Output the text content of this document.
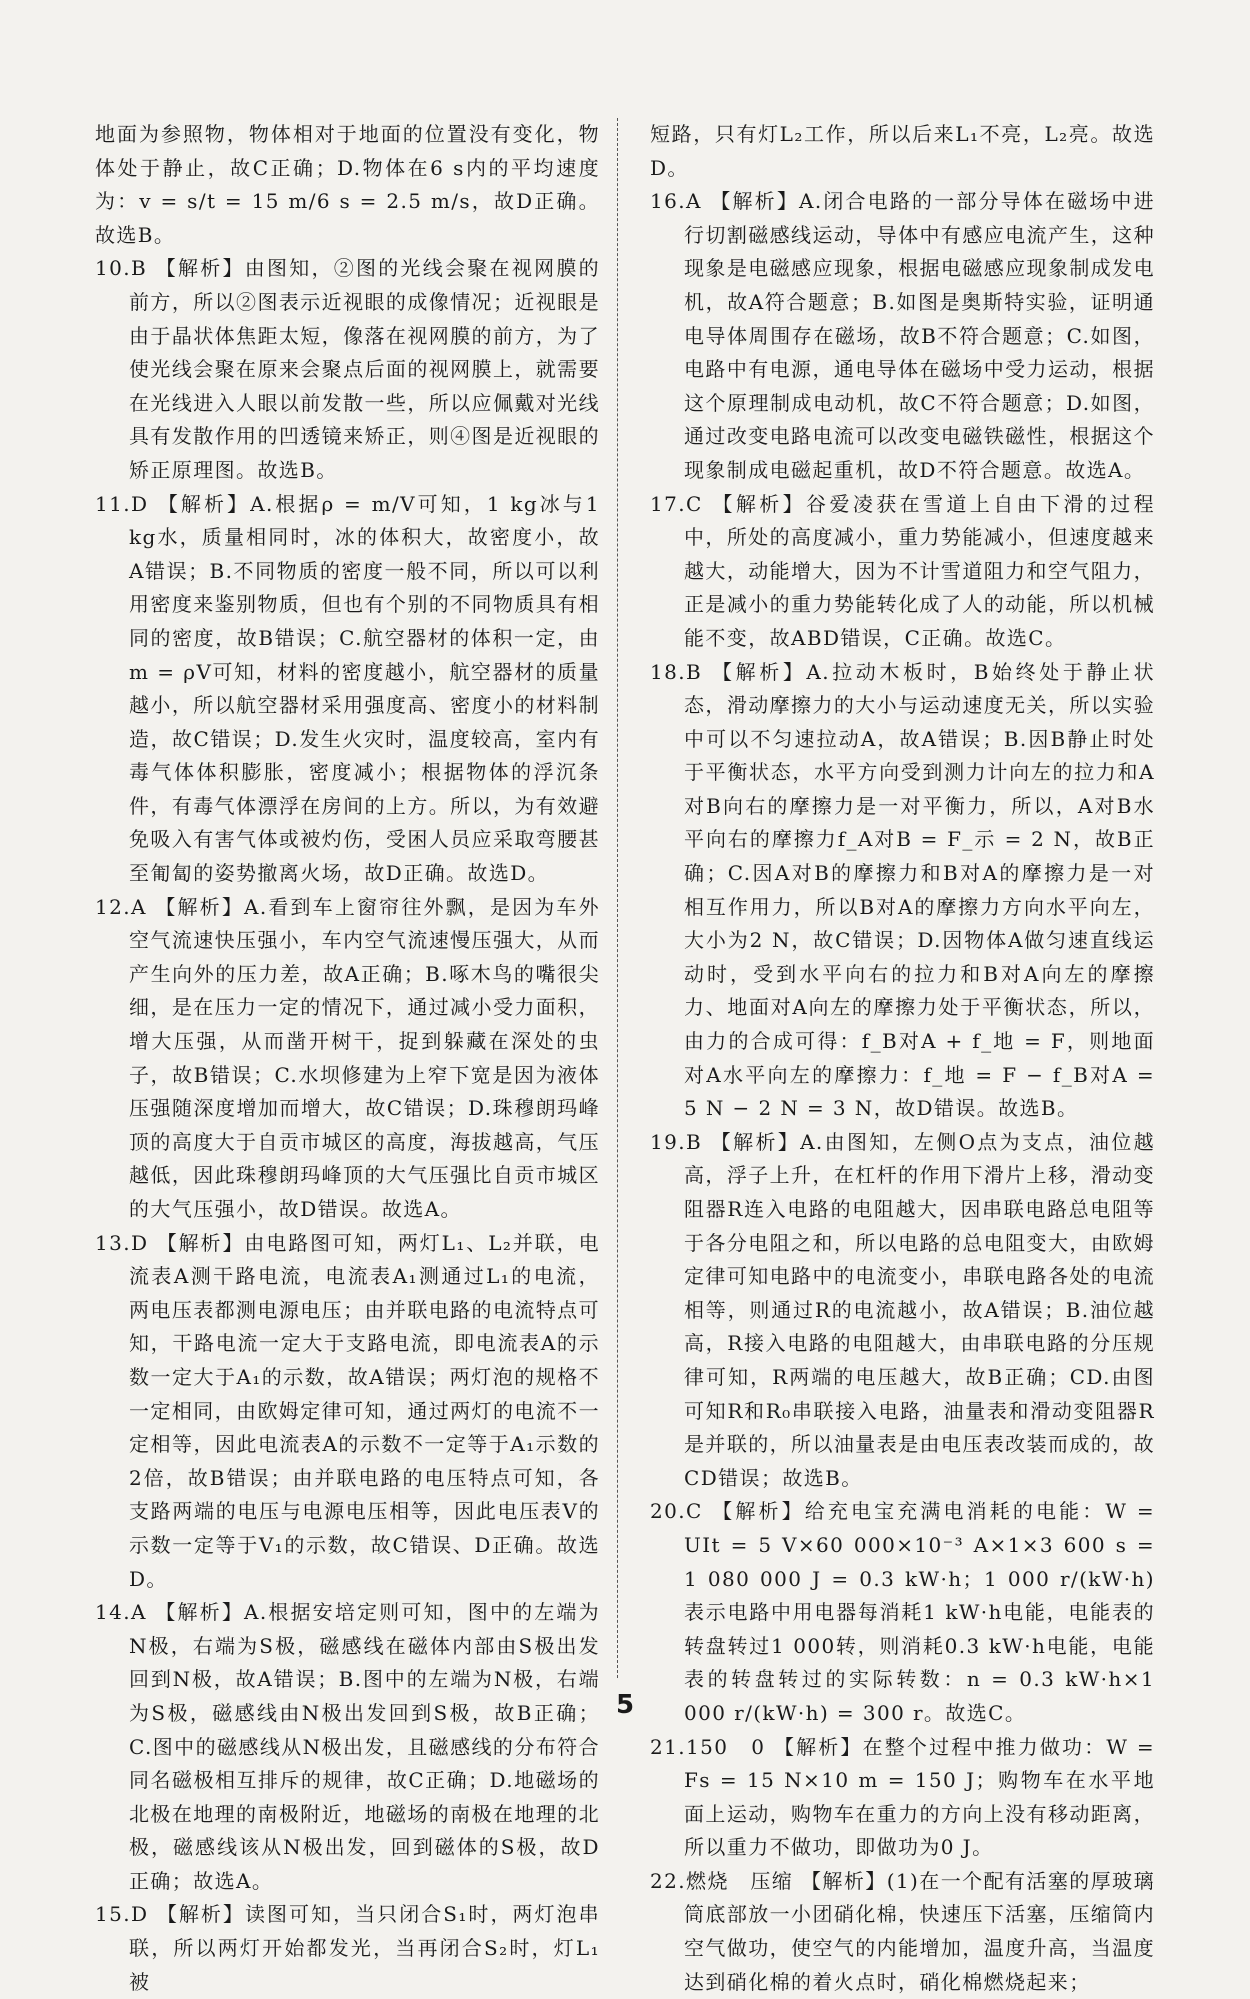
地面为参照物，物体相对于地面的位置没有变化，物体处于静止，故C正确；D.物体在6 s内的平均速度为：v = s/t = 15 m/6 s = 2.5 m/s，故D正确。故选B。

10.B 【解析】由图知，②图的光线会聚在视网膜的前方，所以②图表示近视眼的成像情况；近视眼是由于晶状体焦距太短，像落在视网膜的前方，为了使光线会聚在原来会聚点后面的视网膜上，就需要在光线进入人眼以前发散一些，所以应佩戴对光线具有发散作用的凹透镜来矫正，则④图是近视眼的矫正原理图。故选B。

11.D 【解析】A.根据ρ = m/V可知，1 kg冰与1 kg水，质量相同时，冰的体积大，故密度小，故A错误；B.不同物质的密度一般不同，所以可以利用密度来鉴别物质，但也有个别的不同物质具有相同的密度，故B错误；C.航空器材的体积一定，由m = ρV可知，材料的密度越小，航空器材的质量越小，所以航空器材采用强度高、密度小的材料制造，故C错误；D.发生火灾时，温度较高，室内有毒气体体积膨胀，密度减小；根据物体的浮沉条件，有毒气体漂浮在房间的上方。所以，为有效避免吸入有害气体或被灼伤，受困人员应采取弯腰甚至匍匐的姿势撤离火场，故D正确。故选D。

12.A 【解析】A.看到车上窗帘往外飘，是因为车外空气流速快压强小，车内空气流速慢压强大，从而产生向外的压力差，故A正确；B.啄木鸟的嘴很尖细，是在压力一定的情况下，通过减小受力面积，增大压强，从而凿开树干，捉到躲藏在深处的虫子，故B错误；C.水坝修建为上窄下宽是因为液体压强随深度增加而增大，故C错误；D.珠穆朗玛峰顶的高度大于自贡市城区的高度，海拔越高，气压越低，因此珠穆朗玛峰顶的大气压强比自贡市城区的大气压强小，故D错误。故选A。

13.D 【解析】由电路图可知，两灯L₁、L₂并联，电流表A测干路电流，电流表A₁测通过L₁的电流，两电压表都测电源电压；由并联电路的电流特点可知，干路电流一定大于支路电流，即电流表A的示数一定大于A₁的示数，故A错误；两灯泡的规格不一定相同，由欧姆定律可知，通过两灯的电流不一定相等，因此电流表A的示数不一定等于A₁示数的2倍，故B错误；由并联电路的电压特点可知，各支路两端的电压与电源电压相等，因此电压表V的示数一定等于V₁的示数，故C错误、D正确。故选D。

14.A 【解析】A.根据安培定则可知，图中的左端为N极，右端为S极，磁感线在磁体内部由S极出发回到N极，故A错误；B.图中的左端为N极，右端为S极，磁感线由N极出发回到S极，故B正确；C.图中的磁感线从N极出发，且磁感线的分布符合同名磁极相互排斥的规律，故C正确；D.地磁场的北极在地理的南极附近，地磁场的南极在地理的北极，磁感线该从N极出发，回到磁体的S极，故D正确；故选A。

15.D 【解析】读图可知，当只闭合S₁时，两灯泡串联，所以两灯开始都发光，当再闭合S₂时，灯L₁被

短路，只有灯L₂工作，所以后来L₁不亮，L₂亮。故选D。

16.A 【解析】A.闭合电路的一部分导体在磁场中进行切割磁感线运动，导体中有感应电流产生，这种现象是电磁感应现象，根据电磁感应现象制成发电机，故A符合题意；B.如图是奥斯特实验，证明通电导体周围存在磁场，故B不符合题意；C.如图，电路中有电源，通电导体在磁场中受力运动，根据这个原理制成电动机，故C不符合题意；D.如图，通过改变电路电流可以改变电磁铁磁性，根据这个现象制成电磁起重机，故D不符合题意。故选A。

17.C 【解析】谷爱凌获在雪道上自由下滑的过程中，所处的高度减小，重力势能减小，但速度越来越大，动能增大，因为不计雪道阻力和空气阻力，正是减小的重力势能转化成了人的动能，所以机械能不变，故ABD错误，C正确。故选C。

18.B 【解析】A.拉动木板时，B始终处于静止状态，滑动摩擦力的大小与运动速度无关，所以实验中可以不匀速拉动A，故A错误；B.因B静止时处于平衡状态，水平方向受到测力计向左的拉力和A对B向右的摩擦力是一对平衡力，所以，A对B水平向右的摩擦力f_A对B = F_示 = 2 N，故B正确；C.因A对B的摩擦力和B对A的摩擦力是一对相互作用力，所以B对A的摩擦力方向水平向左，大小为2 N，故C错误；D.因物体A做匀速直线运动时，受到水平向右的拉力和B对A向左的摩擦力、地面对A向左的摩擦力处于平衡状态，所以，由力的合成可得：f_B对A + f_地 = F，则地面对A水平向左的摩擦力：f_地 = F − f_B对A = 5 N − 2 N = 3 N，故D错误。故选B。

19.B 【解析】A.由图知，左侧O点为支点，油位越高，浮子上升，在杠杆的作用下滑片上移，滑动变阻器R连入电路的电阻越大，因串联电路总电阻等于各分电阻之和，所以电路的总电阻变大，由欧姆定律可知电路中的电流变小，串联电路各处的电流相等，则通过R的电流越小，故A错误；B.油位越高，R接入电路的电阻越大，由串联电路的分压规律可知，R两端的电压越大，故B正确；CD.由图可知R和R₀串联接入电路，油量表和滑动变阻器R是并联的，所以油量表是由电压表改装而成的，故CD错误；故选B。

20.C 【解析】给充电宝充满电消耗的电能：W = UIt = 5 V×60 000×10⁻³ A×1×3 600 s = 1 080 000 J = 0.3 kW·h；1 000 r/(kW·h)表示电路中用电器每消耗1 kW·h电能，电能表的转盘转过1 000转，则消耗0.3 kW·h电能，电能表的转盘转过的实际转数：n = 0.3 kW·h×1 000 r/(kW·h) = 300 r。故选C。

21.150　0 【解析】在整个过程中推力做功：W = Fs = 15 N×10 m = 150 J；购物车在水平地面上运动，购物车在重力的方向上没有移动距离，所以重力不做功，即做功为0 J。

22.燃烧　压缩 【解析】(1)在一个配有活塞的厚玻璃筒底部放一小团硝化棉，快速压下活塞，压缩筒内空气做功，使空气的内能增加，温度升高，当温度达到硝化棉的着火点时，硝化棉燃烧起来；

5
